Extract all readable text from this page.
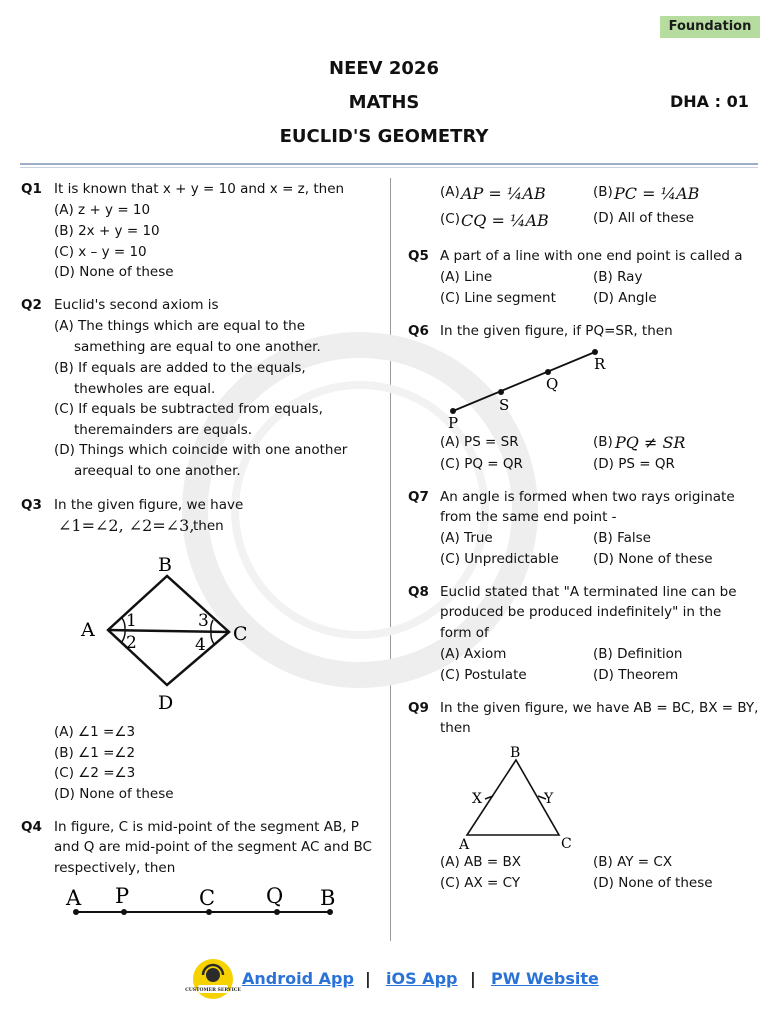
Foundation
NEEV 2026
MATHS
EUCLID'S GEOMETRY
DHA : 01
Q1 It is known that x + y = 10 and x = z, then
(A) z + y = 10
(B) 2x + y = 10
(C) x – y = 10
(D) None of these
Q2 Euclid's second axiom is
(A) The things which are equal to the
samething are equal to one another.
(B) If equals are added to the equals,
thewholes are equal.
(C) If equals be subtracted from equals,
theremainders are equals.
(D) Things which coincide with one another
areequal to one another.
Q3 In the given figure, we have
∠1=∠2, ∠2=∠3,
then
B
A	C
D
1
2
3
4
(A) ∠1 =∠3
(B) ∠1 =∠2
(C) ∠2 =∠3
(D) None of these
Q4 In figure, C is mid-point of the segment AB, P
and Q are mid-point of the segment AC and BC
respectively, then
A P	C Q B
(A) AP = ¼AB	(B) PC = ¼AB
(C) CQ = ¼AB	(D) All of these
Q5 A part of a line with one end point is called a
(A) Line	(B) Ray
(C) Line segment	(D) Angle
Q6 In the given figure, if PQ=SR, then
P
S
Q
R
(A) PS = SR	(B) PQ ≠ SR
(C) PQ = QR	(D) PS = QR
Q7 An angle is formed when two rays originate
from the same end point -
(A) True	(B) False
(C) Unpredictable	(D) None of these
Q8 Euclid stated that "A terminated line can be
produced be produced indefinitely" in the
form of
(A) Axiom	(B) Definition
(C) Postulate	(D) Theorem
Q9 In the given figure, we have AB = BC, BX = BY,
then
B
X	Y
A	C
(A) AB = BX	(B) AY = CX
(C) AX = CY	(D) None of these
CUSTOMER SERVICE
Android App | iOS App | PW Website
